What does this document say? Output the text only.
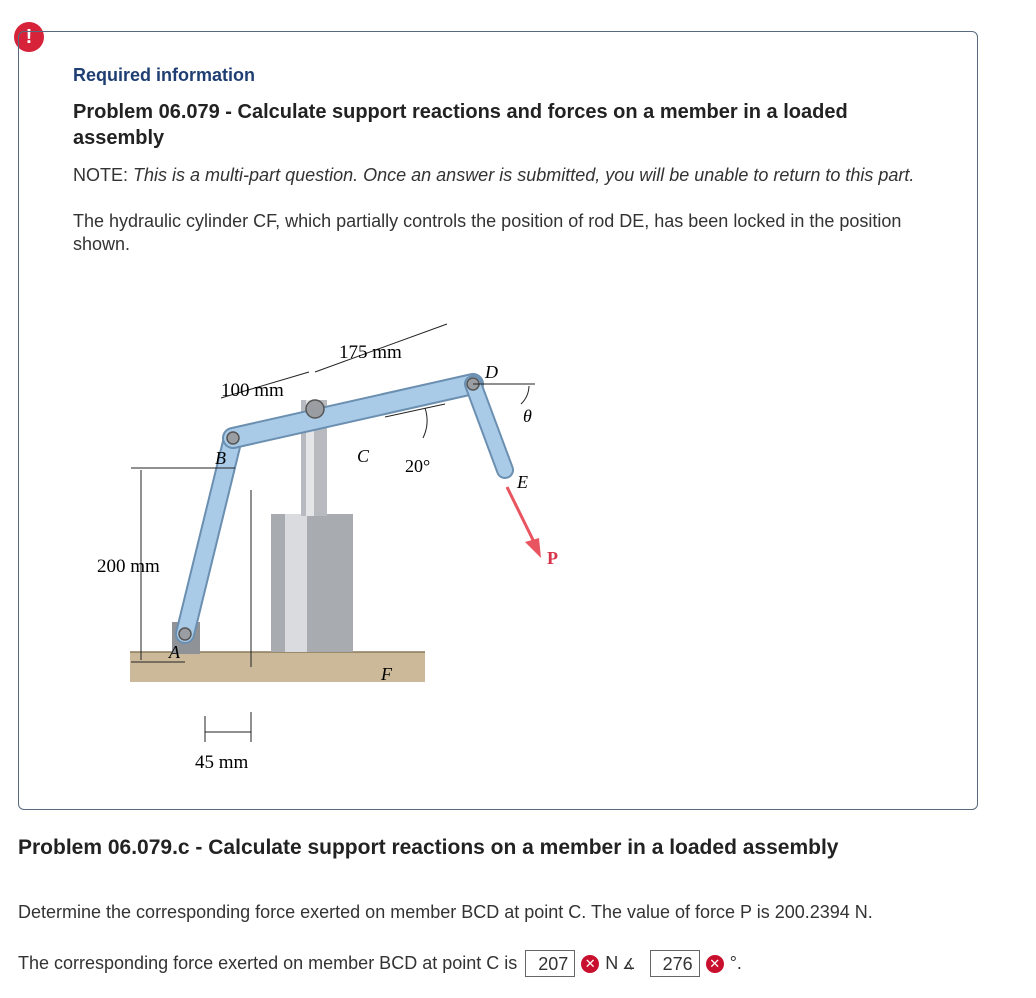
!
Required information
Problem 06.079 - Calculate support reactions and forces on a member in a loaded assembly
NOTE: This is a multi-part question. Once an answer is submitted, you will be unable to return to this part.
The hydraulic cylinder CF, which partially controls the position of rod DE, has been locked in the position shown.
175 mm
100 mm
200 mm
45 mm
A
B	C
D
E
F
P
θ
20°
Problem 06.079.c - Calculate support reactions on a member in a loaded assembly
Determine the corresponding force exerted on member BCD at point C. The value of force P is 200.2394 N.
The corresponding force exerted on member BCD at point C is	207	✕ N ∡	276	✕ °.
